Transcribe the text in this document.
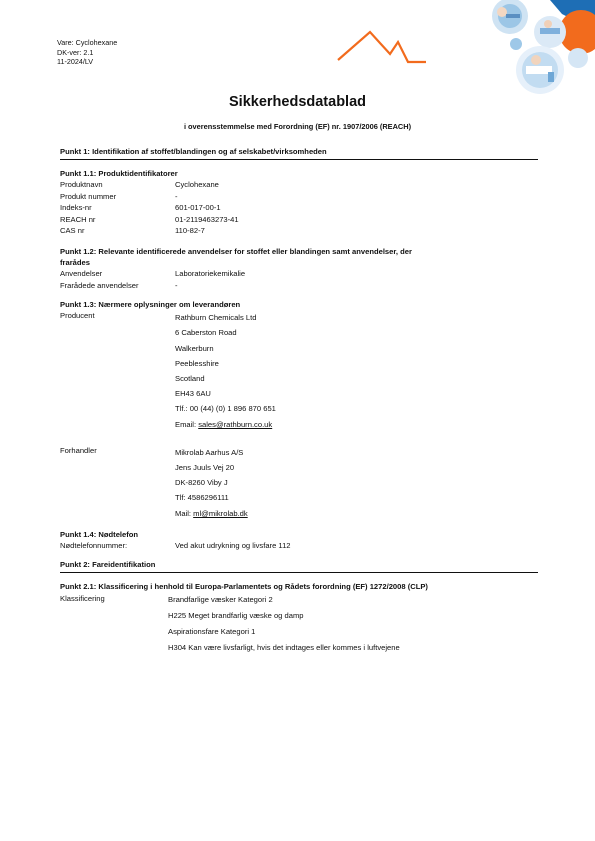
Vare: Cyclohexane
DK-ver: 2.1
11-2024/LV
Sikkerhedsdatablad
i overensstemmelse med Forordning (EF) nr. 1907/2006 (REACH)
Punkt 1: Identifikation af stoffet/blandingen og af selskabet/virksomheden
Punkt 1.1: Produktidentifikatorer
Produktnavn	Cyclohexane
Produkt nummer	-
Indeks-nr	601-017-00-1
REACH nr	01-2119463273-41
CAS nr	110-82-7
Punkt 1.2: Relevante identificerede anvendelser for stoffet eller blandingen samt anvendelser, der
frarådes
Anvendelser	Laboratoriekemikalie
Frarådede anvendelser	-
Punkt 1.3: Nærmere oplysninger om leverandøren
Producent	Rathburn Chemicals Ltd
6 Caberston Road
Walkerburn
Peeblesshire
Scotland
EH43 6AU
Tlf.: 00 (44) (0) 1 896 870 651
Email: sales@rathburn.co.uk
Forhandler	Mikrolab Aarhus A/S
Jens Juuls Vej 20
DK-8260 Viby J
Tlf: 4586296111
Mail: ml@mikrolab.dk
Punkt 1.4: Nødtelefon
Nødtelefonnummer:	Ved akut udrykning og livsfare 112
Punkt 2: Fareidentifikation
Punkt 2.1: Klassificering i henhold til Europa-Parlamentets og Rådets forordning (EF) 1272/2008 (CLP)
Klassificering	Brandfarlige væsker Kategori 2
H225 Meget brandfarlig væske og damp
Aspirationsfare Kategori 1
H304 Kan være livsfarligt, hvis det indtages eller kommes i luftvejene
